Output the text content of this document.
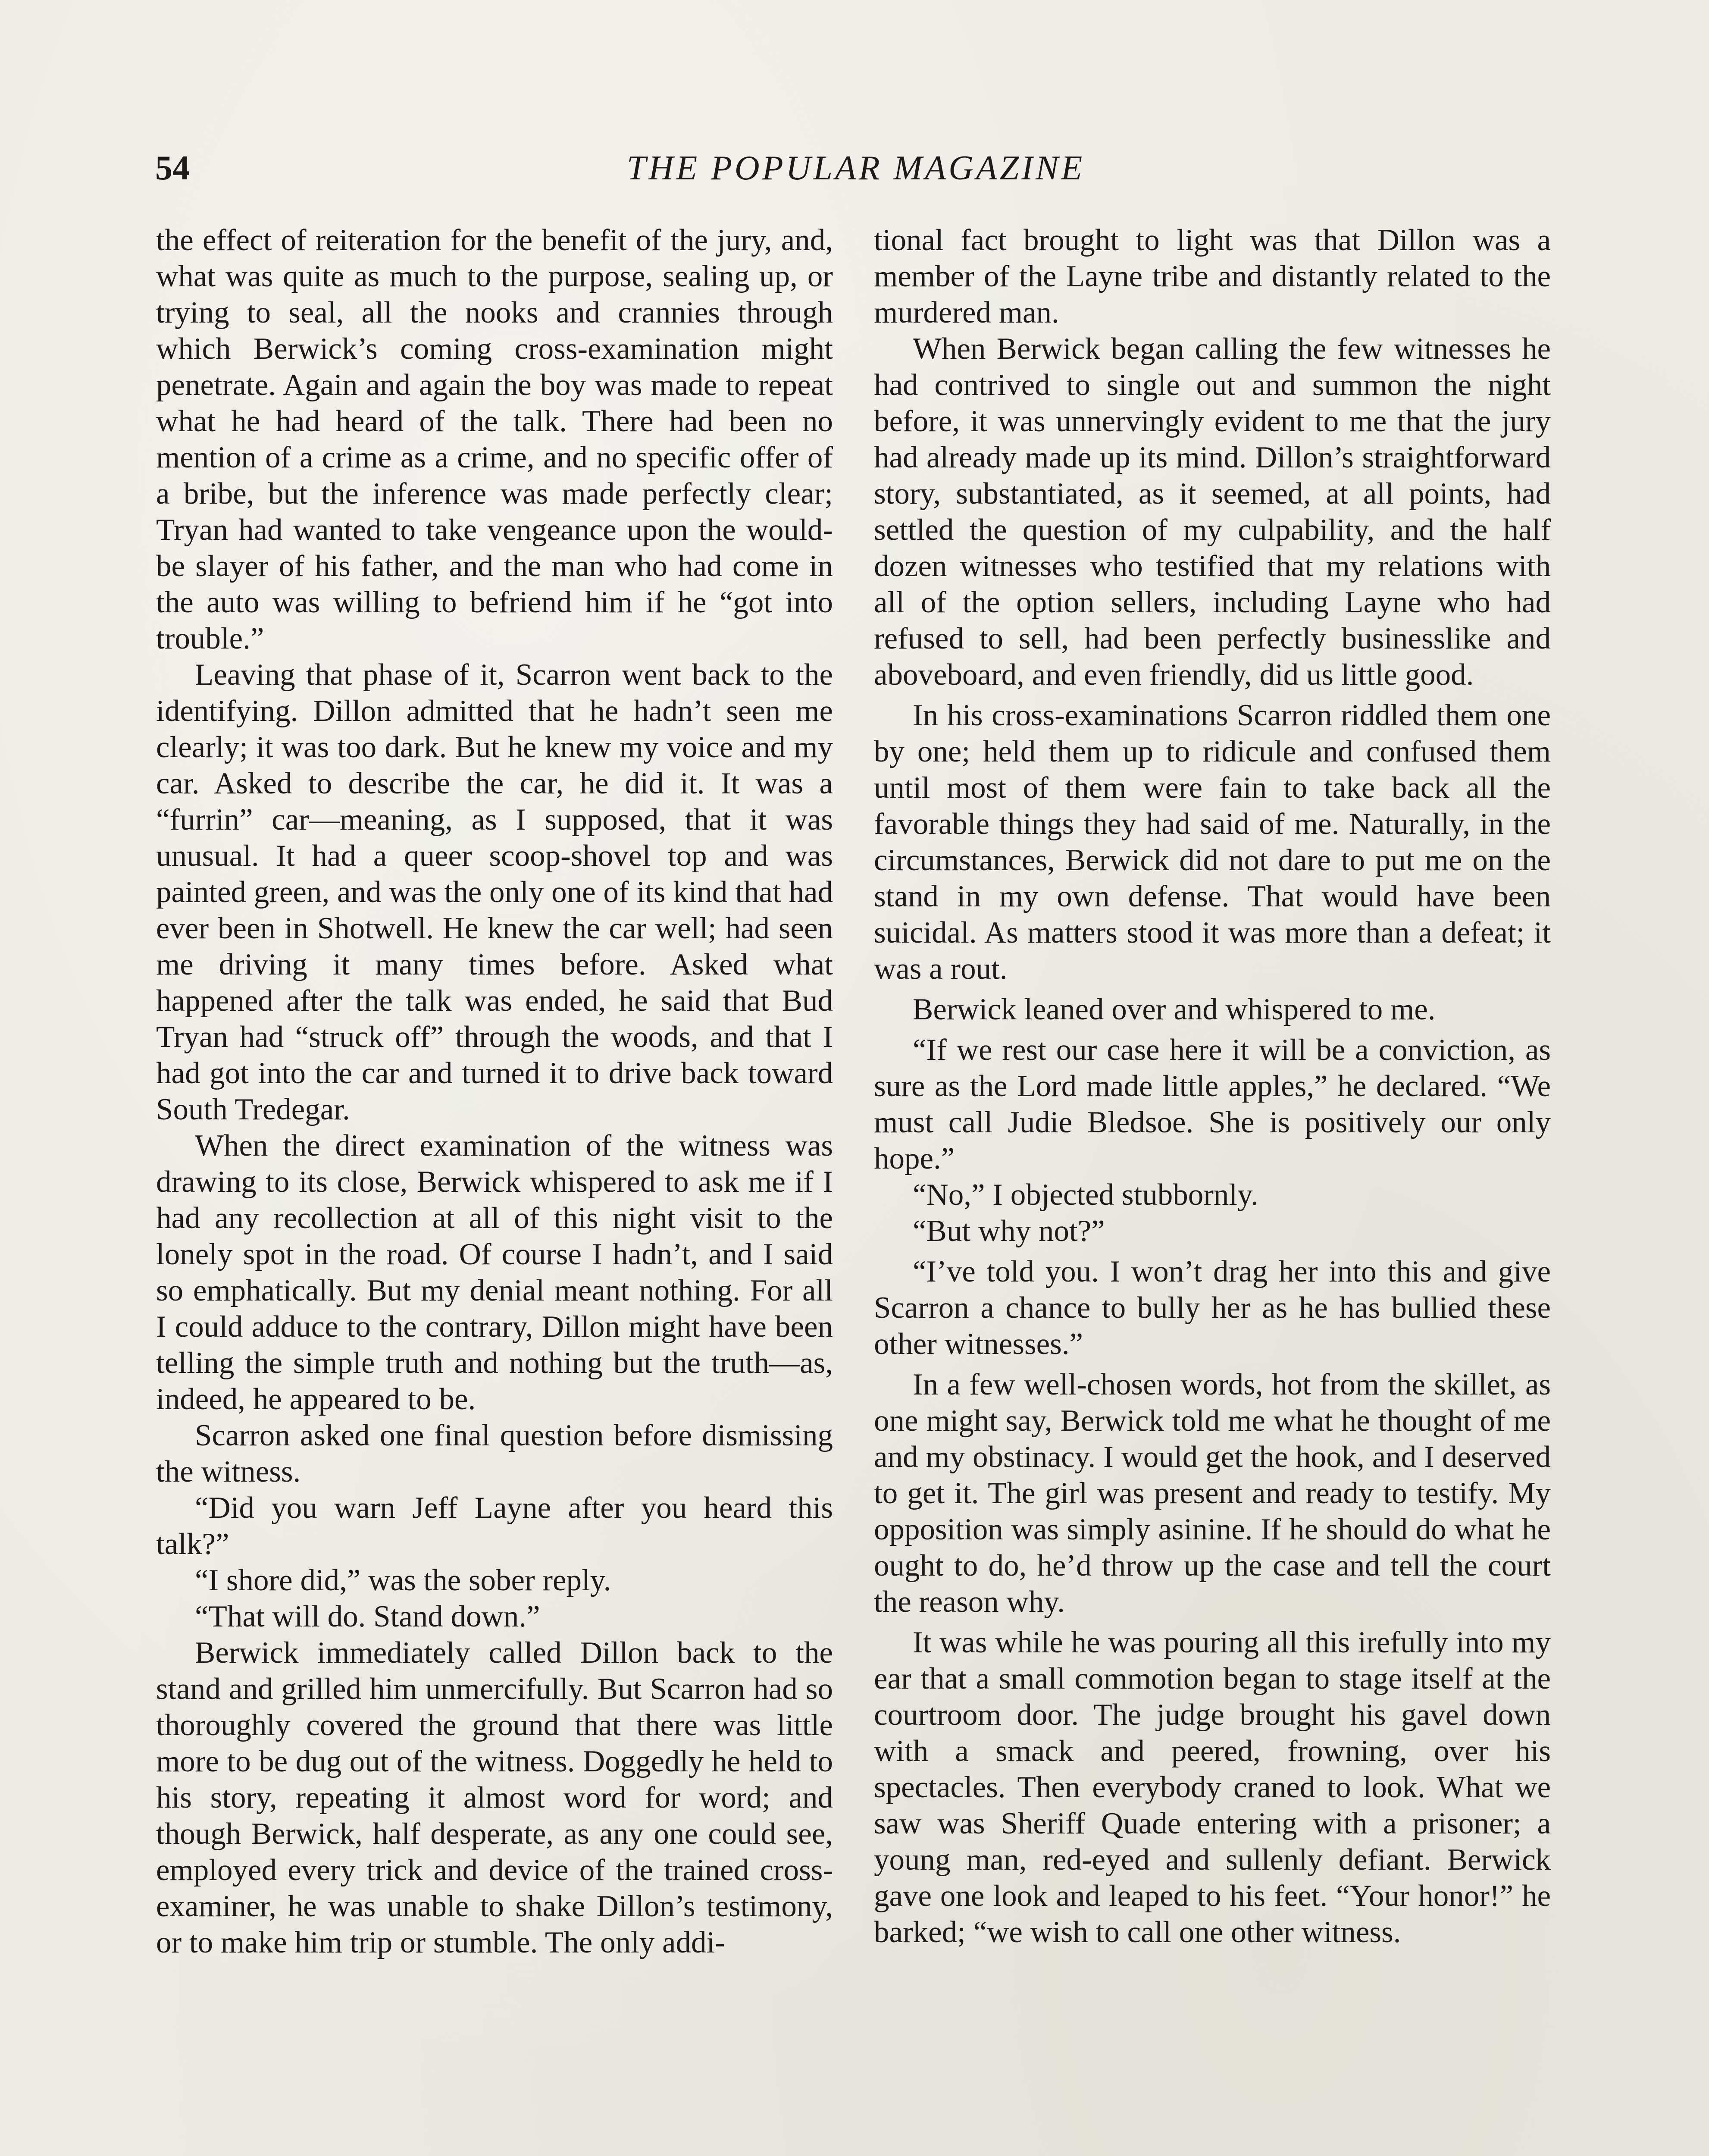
54	THE POPULAR MAGAZINE

the effect of reiteration for the benefit of the jury, and, what was quite as much to the purpose, sealing up, or trying to seal, all the nooks and crannies through which Berwick’s coming cross-examination might penetrate. Again and again the boy was made to repeat what he had heard of the talk. There had been no mention of a crime as a crime, and no specific offer of a bribe, but the inference was made perfectly clear; Tryan had wanted to take vengeance upon the would-be slayer of his father, and the man who had come in the auto was willing to befriend him if he “got into trouble.”

Leaving that phase of it, Scarron went back to the identifying. Dillon admitted that he hadn’t seen me clearly; it was too dark. But he knew my voice and my car. Asked to describe the car, he did it. It was a “furrin” car—meaning, as I supposed, that it was unusual. It had a queer scoop-shovel top and was painted green, and was the only one of its kind that had ever been in Shotwell. He knew the car well; had seen me driving it many times before. Asked what happened after the talk was ended, he said that Bud Tryan had “struck off” through the woods, and that I had got into the car and turned it to drive back toward South Tredegar.

When the direct examination of the witness was drawing to its close, Berwick whispered to ask me if I had any recollection at all of this night visit to the lonely spot in the road. Of course I hadn’t, and I said so emphatically. But my denial meant nothing. For all I could adduce to the contrary, Dillon might have been telling the simple truth and nothing but the truth—as, indeed, he appeared to be.

Scarron asked one final question before dismissing the witness.

“Did you warn Jeff Layne after you heard this talk?”

“I shore did,” was the sober reply.

“That will do. Stand down.”

Berwick immediately called Dillon back to the stand and grilled him unmercifully. But Scarron had so thoroughly covered the ground that there was little more to be dug out of the witness. Doggedly he held to his story, repeating it almost word for word; and though Berwick, half desperate, as any one could see, employed every trick and device of the trained cross-examiner, he was unable to shake Dillon’s testimony, or to make him trip or stumble. The only addi-

tional fact brought to light was that Dillon was a member of the Layne tribe and distantly related to the murdered man.

When Berwick began calling the few witnesses he had contrived to single out and summon the night before, it was unnervingly evident to me that the jury had already made up its mind. Dillon’s straightforward story, substantiated, as it seemed, at all points, had settled the question of my culpability, and the half dozen witnesses who testified that my relations with all of the option sellers, including Layne who had refused to sell, had been perfectly businesslike and aboveboard, and even friendly, did us little good.

In his cross-examinations Scarron riddled them one by one; held them up to ridicule and confused them until most of them were fain to take back all the favorable things they had said of me. Naturally, in the circumstances, Berwick did not dare to put me on the stand in my own defense. That would have been suicidal. As matters stood it was more than a defeat; it was a rout.

Berwick leaned over and whispered to me.

“If we rest our case here it will be a conviction, as sure as the Lord made little apples,” he declared. “We must call Judie Bledsoe. She is positively our only hope.”

“No,” I objected stubbornly.

“But why not?”

“I’ve told you. I won’t drag her into this and give Scarron a chance to bully her as he has bullied these other witnesses.”

In a few well-chosen words, hot from the skillet, as one might say, Berwick told me what he thought of me and my obstinacy. I would get the hook, and I deserved to get it. The girl was present and ready to testify. My opposition was simply asinine. If he should do what he ought to do, he’d throw up the case and tell the court the reason why.

It was while he was pouring all this irefully into my ear that a small commotion began to stage itself at the courtroom door. The judge brought his gavel down with a smack and peered, frowning, over his spectacles. Then everybody craned to look. What we saw was Sheriff Quade entering with a prisoner; a young man, red-eyed and sullenly defiant. Berwick gave one look and leaped to his feet. “Your honor!” he barked; “we wish to call one other witness.
